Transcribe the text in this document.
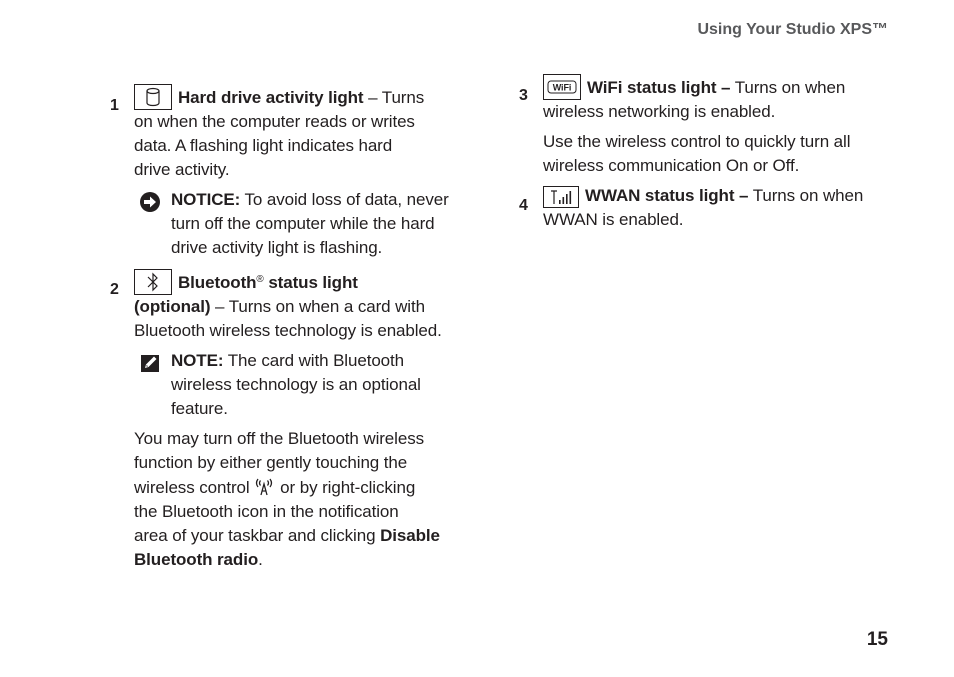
Using Your Studio XPS™
1	Hard drive activity light – Turns
on when the computer reads or writes
data. A flashing light indicates hard
drive activity.
NOTICE: To avoid loss of data, never
turn off the computer while the hard
drive activity light is flashing.
2	Bluetooth® status light
(optional) – Turns on when a card with
Bluetooth wireless technology is enabled.
NOTE: The card with Bluetooth
wireless technology is an optional
feature.
You may turn off the Bluetooth wireless
function by either gently touching the
wireless control or by right-clicking
the Bluetooth icon in the notification
area of your taskbar and clicking Disable
Bluetooth radio.
3	WiFi WiFi status light – Turns on when
wireless networking is enabled.
Use the wireless control to quickly turn all
wireless communication On or Off.
4
WWAN status light – Turns on when
WWAN is enabled.
15
